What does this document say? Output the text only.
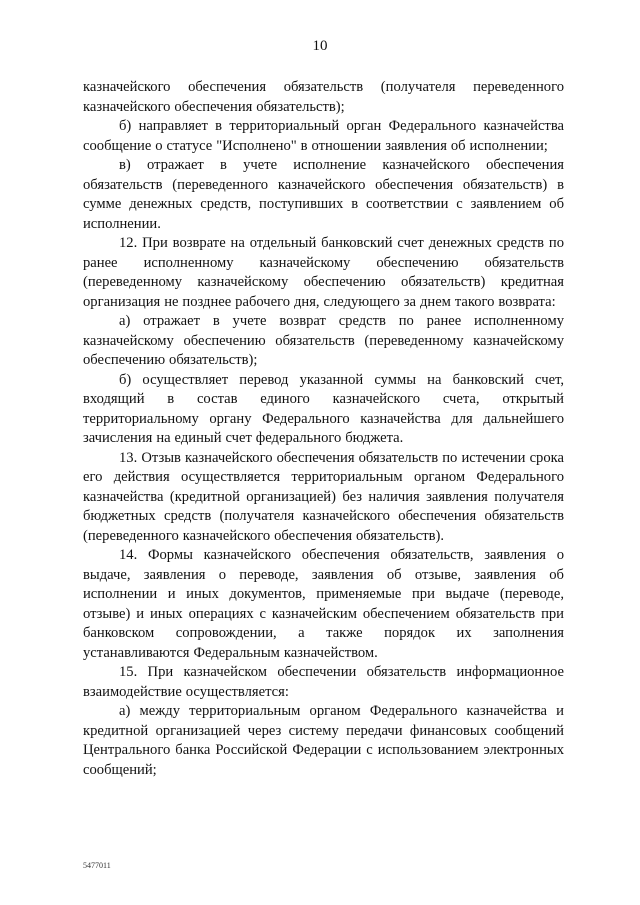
10

казначейского обеспечения обязательств (получателя переведенного казначейского обеспечения обязательств);

б) направляет в территориальный орган Федерального казначейства сообщение о статусе "Исполнено" в отношении заявления об исполнении;

в) отражает в учете исполнение казначейского обеспечения обязательств (переведенного казначейского обеспечения обязательств) в сумме денежных средств, поступивших в соответствии с заявлением об исполнении.

12. При возврате на отдельный банковский счет денежных средств по ранее исполненному казначейскому обеспечению обязательств (переведенному казначейскому обеспечению обязательств) кредитная организация не позднее рабочего дня, следующего за днем такого возврата:

а) отражает в учете возврат средств по ранее исполненному казначейскому обеспечению обязательств (переведенному казначейскому обеспечению обязательств);

б) осуществляет перевод указанной суммы на банковский счет, входящий в состав единого казначейского счета, открытый территориальному органу Федерального казначейства для дальнейшего зачисления на единый счет федерального бюджета.

13. Отзыв казначейского обеспечения обязательств по истечении срока его действия осуществляется территориальным органом Федерального казначейства (кредитной организацией) без наличия заявления получателя бюджетных средств (получателя казначейского обеспечения обязательств (переведенного казначейского обеспечения обязательств).

14. Формы казначейского обеспечения обязательств, заявления о выдаче, заявления о переводе, заявления об отзыве, заявления об исполнении и иных документов, применяемые при выдаче (переводе, отзыве) и иных операциях с казначейским обеспечением обязательств при банковском сопровождении, а также порядок их заполнения устанавливаются Федеральным казначейством.

15. При казначейском обеспечении обязательств информационное взаимодействие осуществляется:

а) между территориальным органом Федерального казначейства и кредитной организацией через систему передачи финансовых сообщений Центрального банка Российской Федерации с использованием электронных сообщений;

5477011
